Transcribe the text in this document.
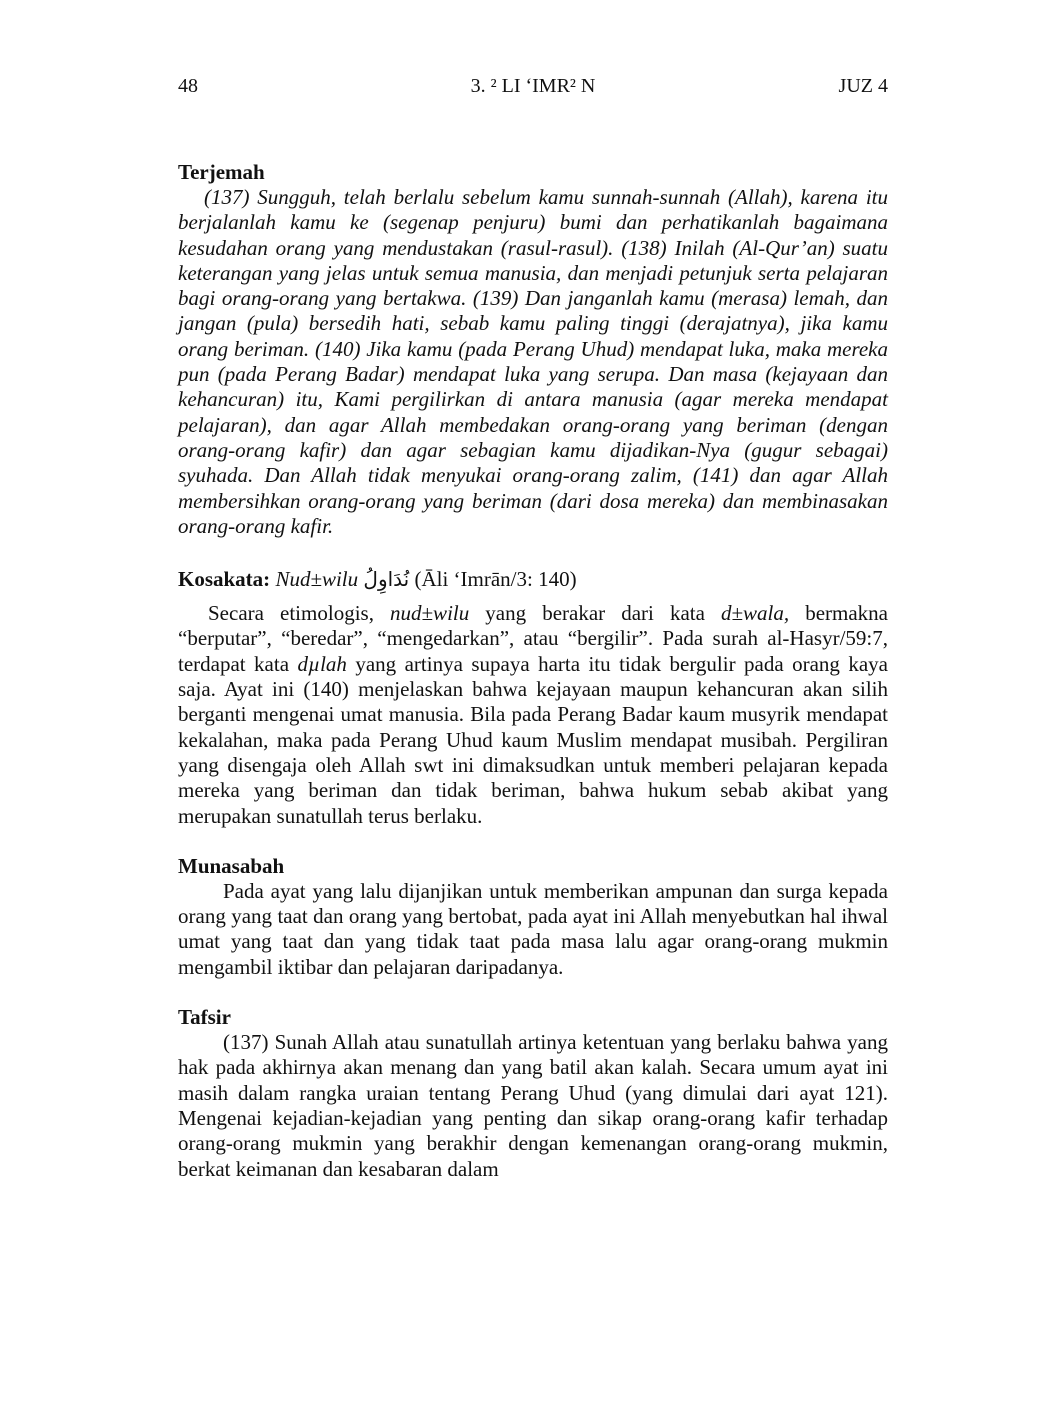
48	3. ² LI ‘IMR² N	JUZ 4
Terjemah

(137) Sungguh, telah berlalu sebelum kamu sunnah-sunnah (Allah), karena itu berjalanlah kamu ke (segenap penjuru) bumi dan perhatikanlah bagaimana kesudahan orang yang mendustakan (rasul-rasul). (138) Inilah (Al-Qur’an) suatu keterangan yang jelas untuk semua manusia, dan menjadi petunjuk serta pelajaran bagi orang-orang yang bertakwa. (139) Dan janganlah kamu (merasa) lemah, dan jangan (pula) bersedih hati, sebab kamu paling tinggi (derajatnya), jika kamu orang beriman. (140) Jika kamu (pada Perang Uhud) mendapat luka, maka mereka pun (pada Perang Badar) mendapat luka yang serupa. Dan masa (kejayaan dan kehancuran) itu, Kami pergilirkan di antara manusia (agar mereka mendapat pelajaran), dan agar Allah membedakan orang-orang yang beriman (dengan orang-orang kafir) dan agar sebagian kamu dijadikan-Nya (gugur sebagai) syuhada. Dan Allah tidak menyukai orang-orang zalim, (141) dan agar Allah membersihkan orang-orang yang beriman (dari dosa mereka) dan membinasakan orang-orang kafir.

Kosakata: Nud±wilu نُدَاوِلُ (Āli ‘Imrān/3: 140)

Secara etimologis, nud±wilu yang berakar dari kata d±wala, bermakna “berputar”, “beredar”, “mengedarkan”, atau “bergilir”. Pada surah al-Hasyr/59:7, terdapat kata dµlah yang artinya supaya harta itu tidak bergulir pada orang kaya saja. Ayat ini (140) menjelaskan bahwa kejayaan maupun kehancuran akan silih berganti mengenai umat manusia. Bila pada Perang Badar kaum musyrik mendapat kekalahan, maka pada Perang Uhud kaum Muslim mendapat musibah. Pergiliran yang disengaja oleh Allah swt ini dimaksudkan untuk memberi pelajaran kepada mereka yang beriman dan tidak beriman, bahwa hukum sebab akibat yang merupakan sunatullah terus berlaku.

Munasabah

Pada ayat yang lalu dijanjikan untuk memberikan ampunan dan surga kepada orang yang taat dan orang yang bertobat, pada ayat ini Allah menyebutkan hal ihwal umat yang taat dan yang tidak taat pada masa lalu agar orang-orang mukmin mengambil iktibar dan pelajaran daripadanya.

Tafsir

(137) Sunah Allah atau sunatullah artinya ketentuan yang berlaku bahwa yang hak pada akhirnya akan menang dan yang batil akan kalah. Secara umum ayat ini masih dalam rangka uraian tentang Perang Uhud (yang dimulai dari ayat 121). Mengenai kejadian-kejadian yang penting dan sikap orang-orang kafir terhadap orang-orang mukmin yang berakhir dengan kemenangan orang-orang mukmin, berkat keimanan dan kesabaran dalam
